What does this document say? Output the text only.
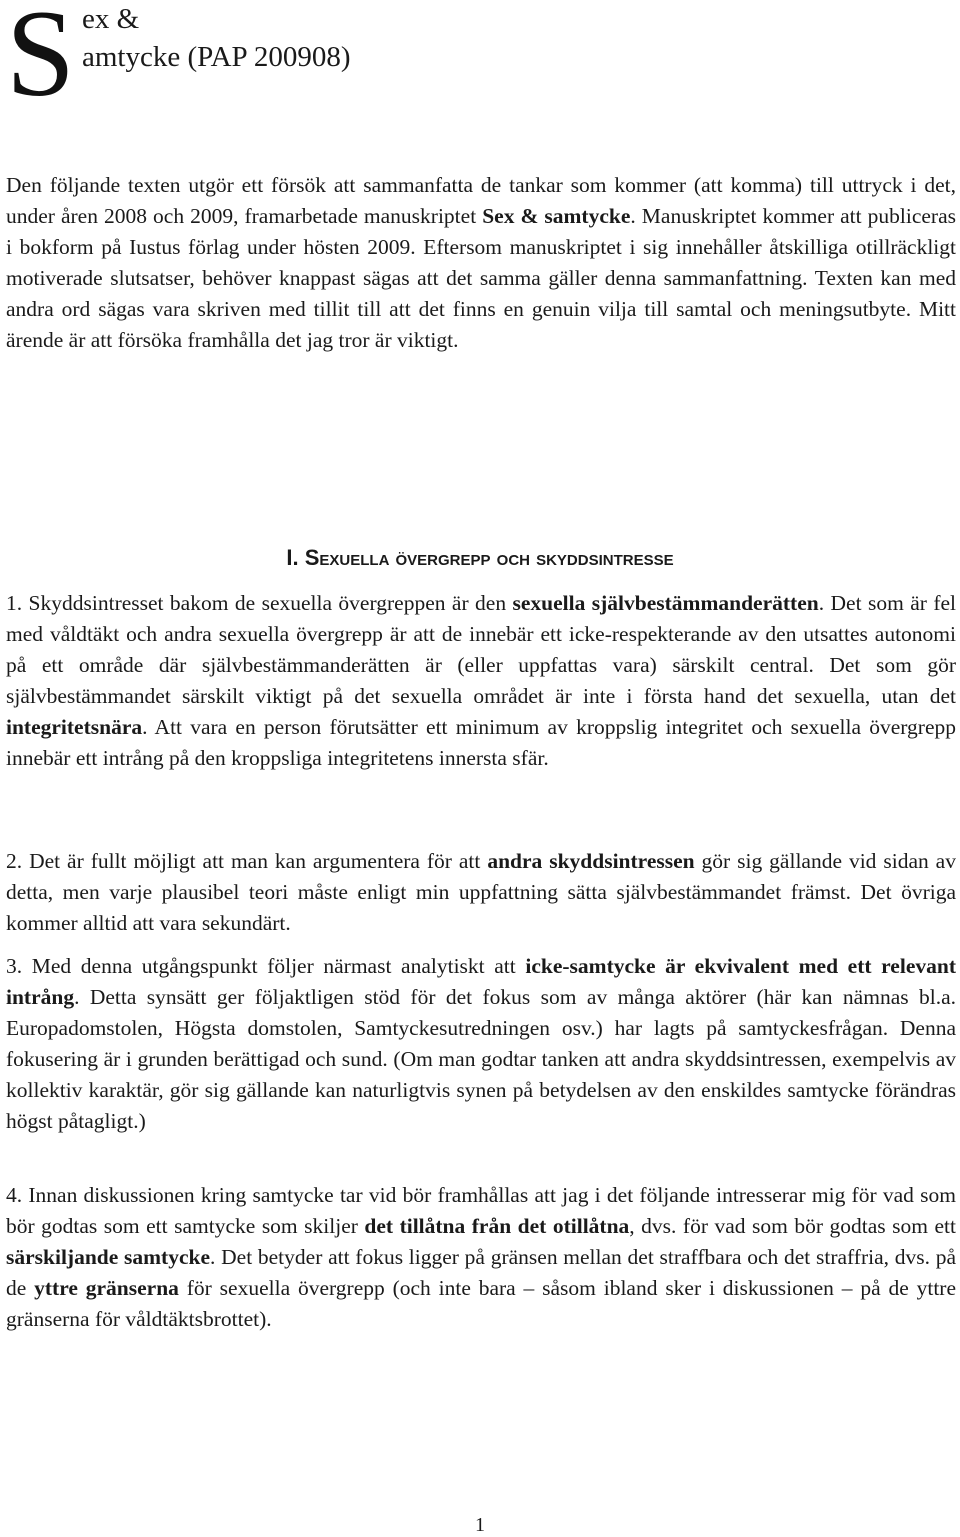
S ex &
amtycke (PAP 200908)

Den följande texten utgör ett försök att sammanfatta de tankar som kommer (att komma) till uttryck i det, under åren 2008 och 2009, framarbetade manuskriptet Sex & samtycke. Manuskriptet kommer att publiceras i bokform på Iustus förlag under hösten 2009. Eftersom manuskriptet i sig innehåller åtskilliga otillräckligt motiverade slutsatser, behöver knappast sägas att det samma gäller denna sammanfattning. Texten kan med andra ord sägas vara skriven med tillit till att det finns en genuin vilja till samtal och meningsutbyte. Mitt ärende är att försöka framhålla det jag tror är viktigt.

I. Sexuella övergrepp och skyddsintresse

1. Skyddsintresset bakom de sexuella övergreppen är den sexuella självbestämmanderätten. Det som är fel med våldtäkt och andra sexuella övergrepp är att de innebär ett icke-respekterande av den utsattes autonomi på ett område där självbestämmanderätten är (eller uppfattas vara) särskilt central. Det som gör självbestämmandet särskilt viktigt på det sexuella området är inte i första hand det sexuella, utan det integritetsnära. Att vara en person förutsätter ett minimum av kroppslig integritet och sexuella övergrepp innebär ett intrång på den kroppsliga integritetens innersta sfär.

2. Det är fullt möjligt att man kan argumentera för att andra skyddsintressen gör sig gällande vid sidan av detta, men varje plausibel teori måste enligt min uppfattning sätta självbestämmandet främst. Det övriga kommer alltid att vara sekundärt.

3. Med denna utgångspunkt följer närmast analytiskt att icke-samtycke är ekvivalent med ett relevant intrång. Detta synsätt ger följaktligen stöd för det fokus som av många aktörer (här kan nämnas bl.a. Europadomstolen, Högsta domstolen, Samtyckesutredningen osv.) har lagts på samtyckesfrågan. Denna fokusering är i grunden berättigad och sund. (Om man godtar tanken att andra skyddsintressen, exempelvis av kollektiv karaktär, gör sig gällande kan naturligtvis synen på betydelsen av den enskildes samtycke förändras högst påtagligt.)

4. Innan diskussionen kring samtycke tar vid bör framhållas att jag i det följande intresserar mig för vad som bör godtas som ett samtycke som skiljer det tillåtna från det otillåtna, dvs. för vad som bör godtas som ett särskiljande samtycke. Det betyder att fokus ligger på gränsen mellan det straffbara och det straffria, dvs. på de yttre gränserna för sexuella övergrepp (och inte bara – såsom ibland sker i diskussionen – på de yttre gränserna för våldtäktsbrottet).

1
